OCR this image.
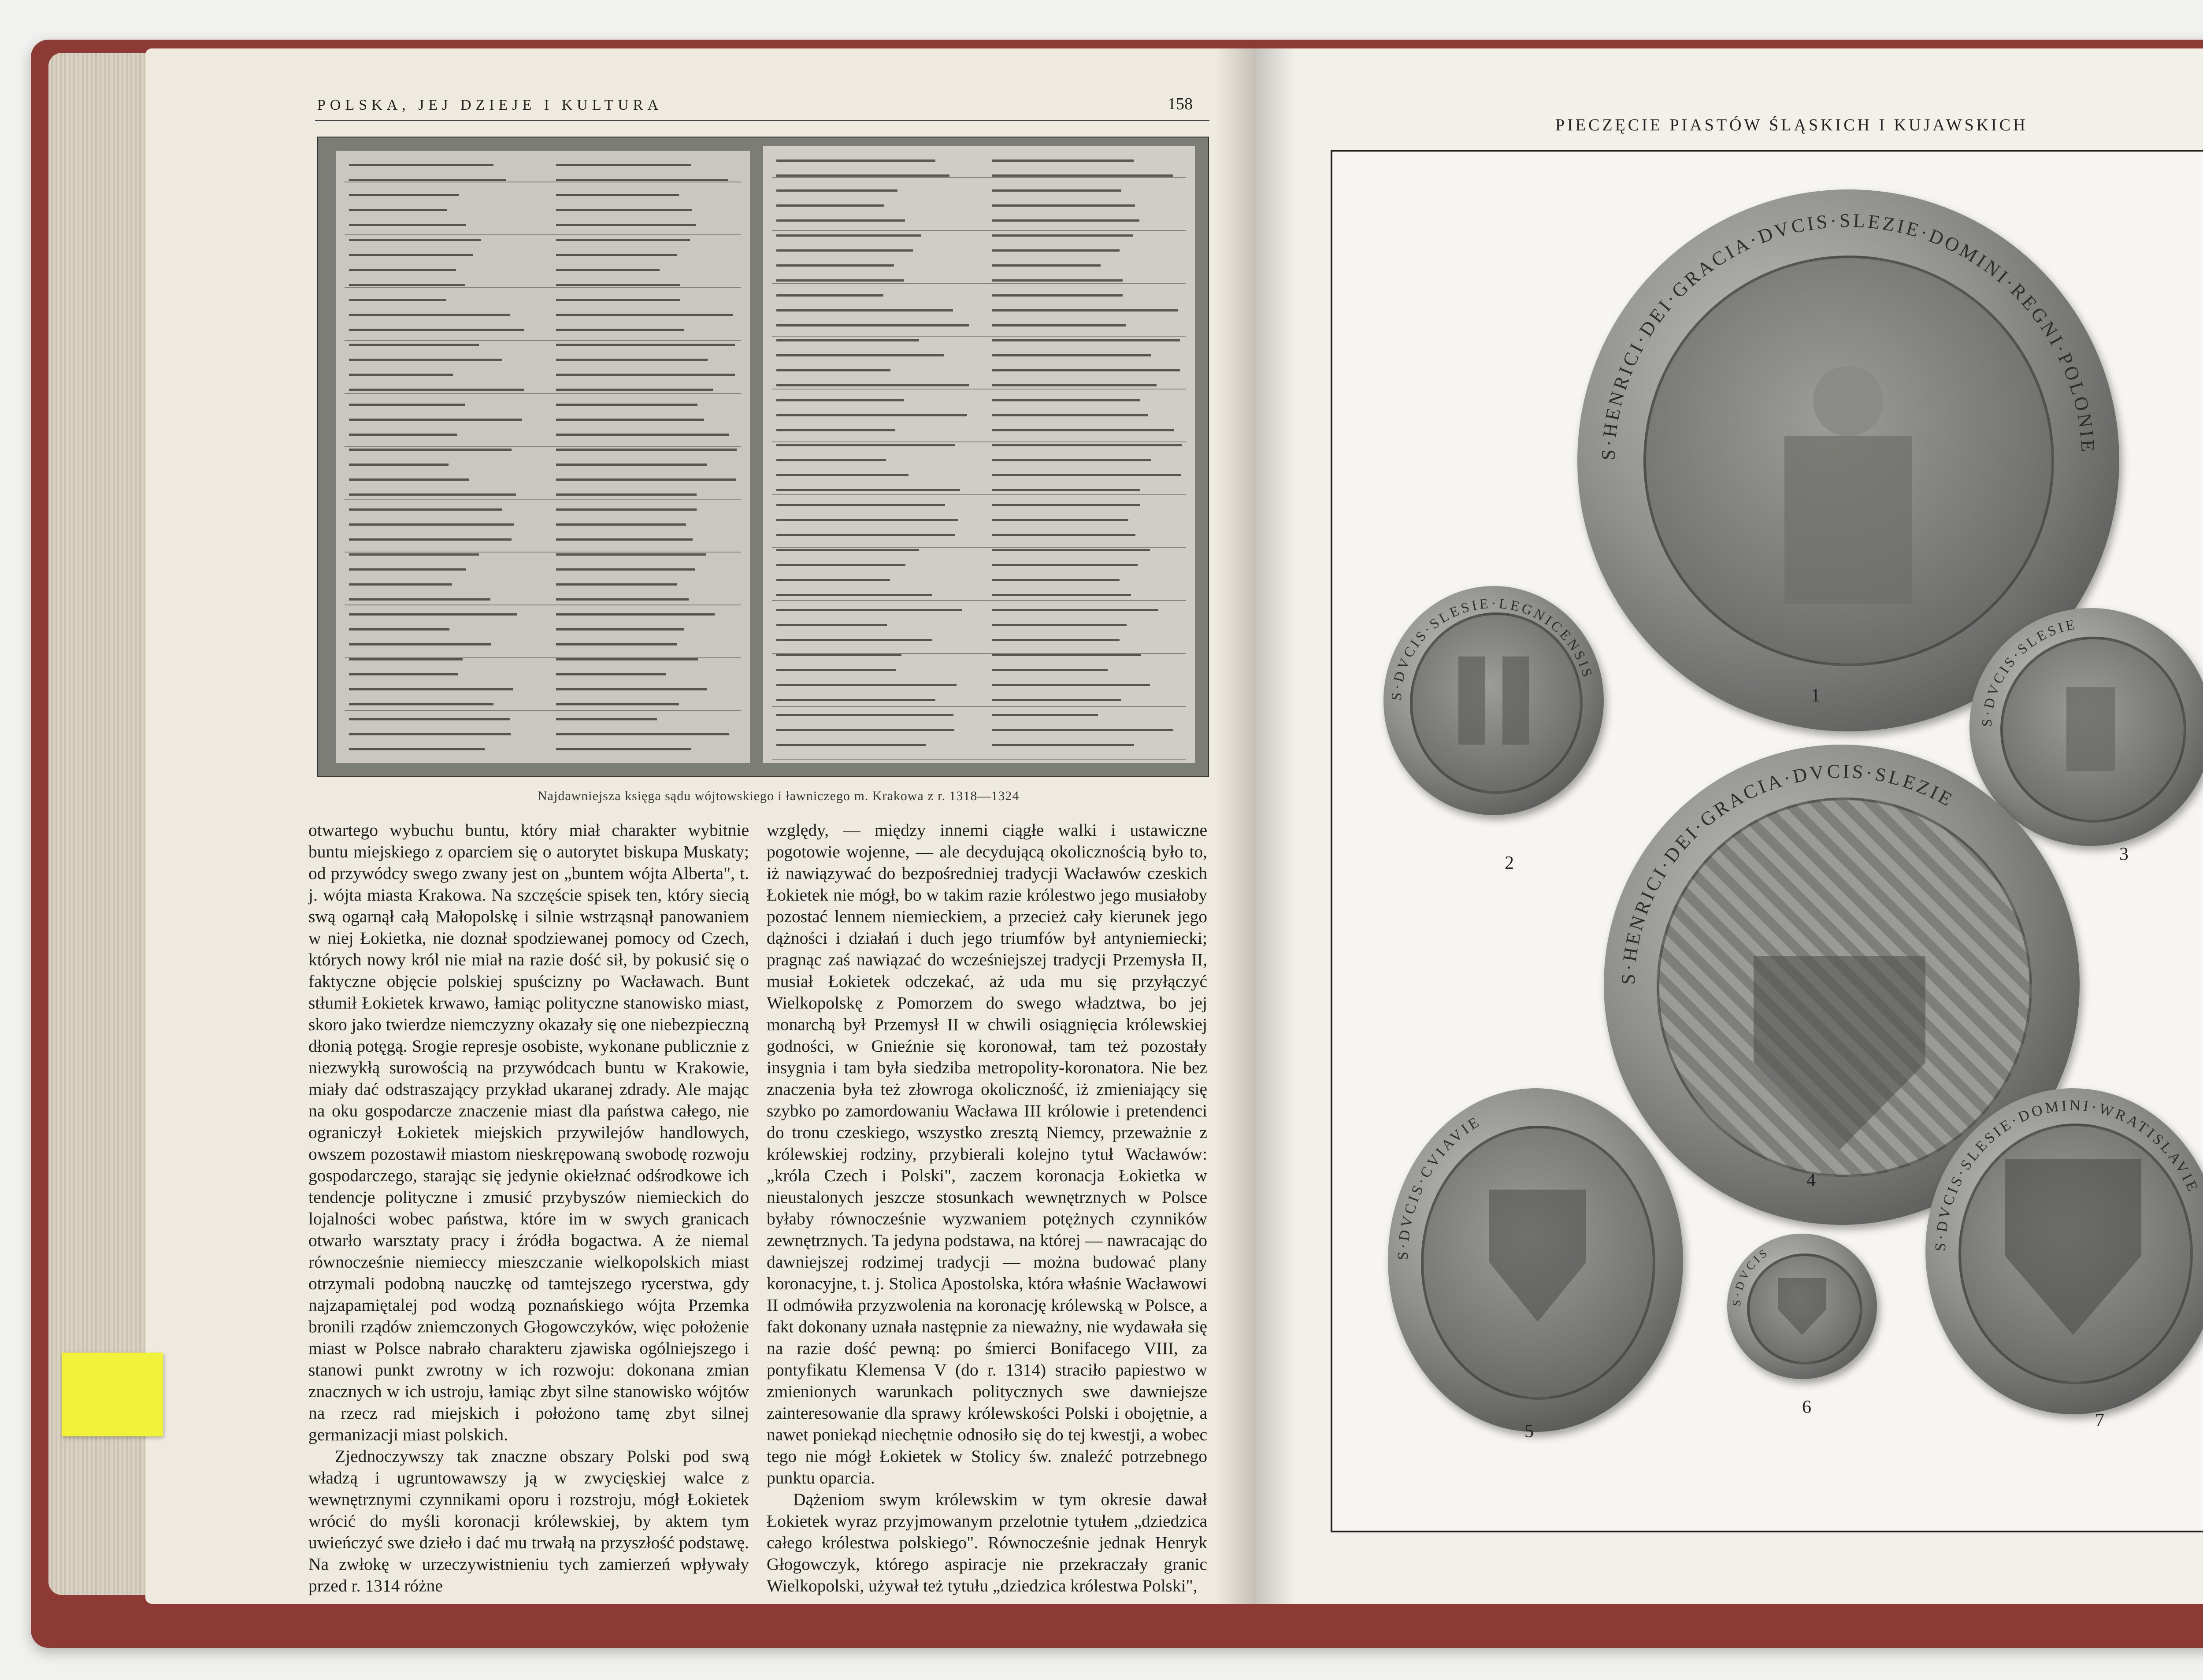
POLSKA, JEJ DZIEJE I KULTURA	158
Najdawniejsza księga sądu wójtowskiego i ławniczego m. Krakowa z r. 1318—1324

otwartego wybuchu buntu, który miał charakter wybitnie buntu miejskiego z oparciem się o autorytet biskupa Muskaty; od przywódcy swego zwany jest on „buntem wójta Alberta", t. j. wójta miasta Krakowa. Na szczęście spisek ten, który siecią swą ogarnął całą Małopolskę i silnie wstrząsnął panowaniem w niej Łokietka, nie doznał spodziewanej pomocy od Czech, których nowy król nie miał na razie dość sił, by pokusić się o faktyczne objęcie polskiej spuścizny po Wacławach. Bunt stłumił Łokietek krwawo, łamiąc polityczne stanowisko miast, skoro jako twierdze niemczyzny okazały się one niebezpieczną dłonią potęgą. Srogie represje osobiste, wykonane publicznie z niezwykłą surowością na przywódcach buntu w Krakowie, miały dać odstraszający przykład ukaranej zdrady. Ale mając na oku gospodarcze znaczenie miast dla państwa całego, nie ograniczył Łokietek miejskich przywilejów handlowych, owszem pozostawił miastom nieskrępowaną swobodę rozwoju gospodarczego, starając się jedynie okiełznać odśrodkowe ich tendencje polityczne i zmusić przybyszów niemieckich do lojalności wobec państwa, które im w swych granicach otwarło warsztaty pracy i źródła bogactwa. A że niemal równocześnie niemieccy mieszczanie wielkopolskich miast otrzymali podobną nauczkę od tamtejszego rycerstwa, gdy najzapamiętalej pod wodzą poznańskiego wójta Przemka bronili rządów zniemczonych Głogowczyków, więc położenie miast w Polsce nabrało charakteru zjawiska ogólniejszego i stanowi punkt zwrotny w ich rozwoju: dokonana zmian znacznych w ich ustroju, łamiąc zbyt silne stanowisko wójtów na rzecz rad miejskich i położono tamę zbyt silnej germanizacji miast polskich.

Zjednoczywszy tak znaczne obszary Polski pod swą władzą i ugruntowawszy ją w zwycięskiej walce z wewnętrznymi czynnikami oporu i rozstroju, mógł Łokietek wrócić do myśli koronacji królewskiej, by aktem tym uwieńczyć swe dzieło i dać mu trwałą na przyszłość podstawę. Na zwłokę w urzeczywistnieniu tych zamierzeń wpływały przed r. 1314 różne

względy, — między innemi ciągłe walki i ustawiczne pogotowie wojenne, — ale decydującą okolicznością było to, iż nawiązywać do bezpośredniej tradycji Wacławów czeskich Łokietek nie mógł, bo w takim razie królestwo jego musiałoby pozostać lennem niemieckiem, a przecież cały kierunek jego dążności i działań i duch jego triumfów był antyniemiecki; pragnąc zaś nawiązać do wcześniejszej tradycji Przemysła II, musiał Łokietek odczekać, aż uda mu się przyłączyć Wielkopolskę z Pomorzem do swego władztwa, bo jej monarchą był Przemysł II w chwili osiągnięcia królewskiej godności, w Gnieźnie się koronował, tam też pozostały insygnia i tam była siedziba metropolity-koronatora. Nie bez znaczenia była też złowroga okoliczność, iż zmieniający się szybko po zamordowaniu Wacława III królowie i pretendenci do tronu czeskiego, wszystko zresztą Niemcy, przeważnie z królewskiej rodziny, przybierali kolejno tytuł Wacławów: „króla Czech i Polski", zaczem koronacja Łokietka w nieustalonych jeszcze stosunkach wewnętrznych w Polsce byłaby równocześnie wyzwaniem potężnych czynników zewnętrznych. Ta jedyna podstawa, na której — nawracając do dawniejszej rodzimej tradycji — można budować plany koronacyjne, t. j. Stolica Apostolska, która właśnie Wacławowi II odmówiła przyzwolenia na koronację królewską w Polsce, a fakt dokonany uznała następnie za nieważny, nie wydawała się na razie dość pewną: po śmierci Bonifacego VIII, za pontyfikatu Klemensa V (do r. 1314) straciło papiestwo w zmienionych warunkach politycznych swe dawniejsze zainteresowanie dla sprawy królewskości Polski i obojętnie, a nawet poniekąd niechętnie odnosiło się do tej kwestji, a wobec tego nie mógł Łokietek w Stolicy św. znaleźć potrzebnego punktu oparcia.

Dążeniom swym królewskim w tym okresie dawał Łokietek wyraz przyjmowanym przelotnie tytułem „dziedzica całego królestwa polskiego". Równocześnie jednak Henryk Głogowczyk, którego aspiracje nie przekraczały granic Wielkopolski, używał też tytułu „dziedzica królestwa Polski",

PIECZĘCIE PIASTÓW ŚLĄSKICH I KUJAWSKICH
S·HENRICI·DEI·GRACIA·DVCIS·SLEZIE·DOMINI·REGNI·POLONIE
1
S·DVCIS·SLESIE·LEGNICENSIS
2
S·DVCIS·SLESIE
3
S·HENRICI·DEI·GRACIA·DVCIS·SLEZIE
4
S·DVCIS·CVIAVIE
5
S·DVCIS
6
S·DVCIS·SLESIE·DOMINI·WRATISLAVIE
7
